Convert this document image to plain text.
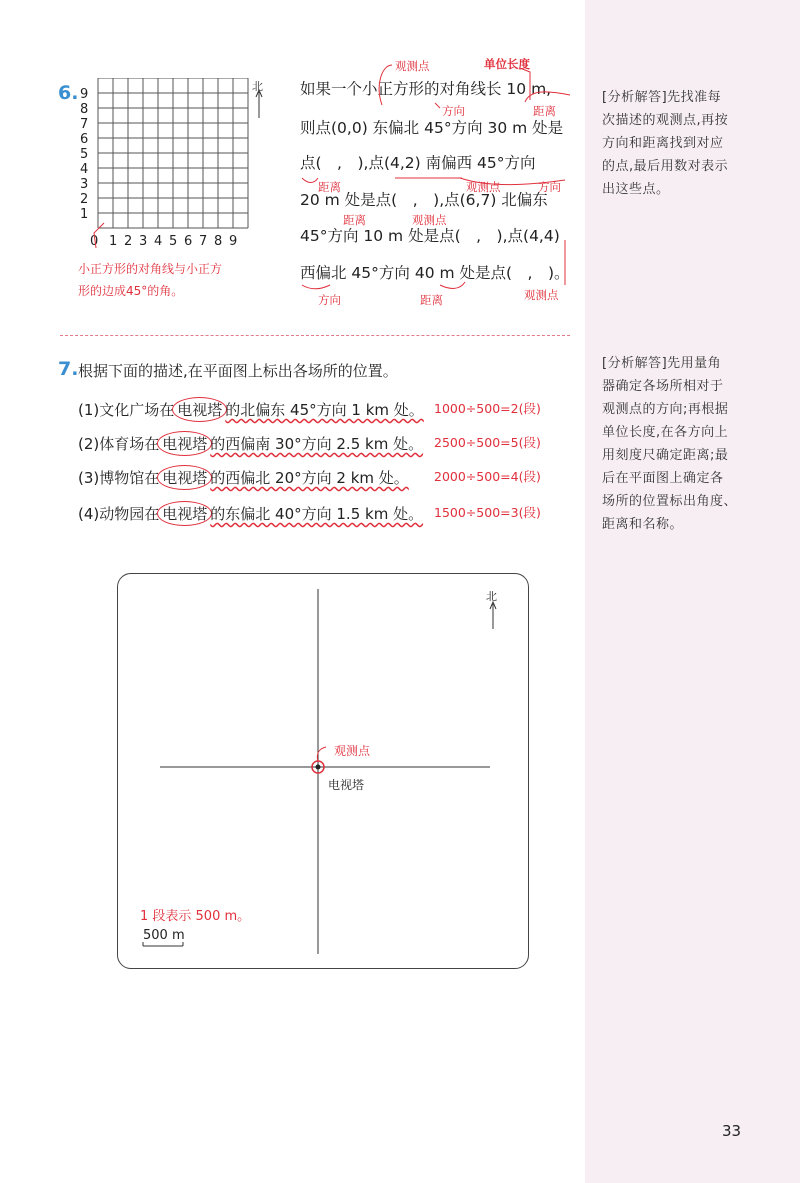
6.	北
9
8
7
6
5
4
3
2
1
0 1 2 3 4 5 6 7 8 9
小正方形的对角线与小正方
形的边成45°的角。
如果一个小正方形的对角线长 10 m,
则点(0,0) 东偏北 45°方向 30 m 处是
点(　,　),点(4,2) 南偏西 45°方向
20 m 处是点(　,　),点(6,7) 北偏东
45°方向 10 m 处是点(　,　),点(4,4)
西偏北 45°方向 40 m 处是点(　,　)。
观测点	单位长度
方向	距离
距离	观测点	方向
距离	观测点
方向	距离	观测点
[分析解答]先找准每
次描述的观测点,再按
方向和距离找到对应
的点,最后用数对表示
出这些点。
7. 根据下面的描述,在平面图上标出各场所的位置。
(1)文化广场在 电视塔 的北偏东 45°方向 1 km 处。 1000÷500=2(段)
(2)体育场在 电视塔 的西偏南 30°方向 2.5 km 处。 2500÷500=5(段)
(3)博物馆在 电视塔 的西偏北 20°方向 2 km 处。 2000÷500=4(段)
(4)动物园在 电视塔 的东偏北 40°方向 1.5 km 处。 1500÷500=3(段)
[分析解答]先用量角
器确定各场所相对于
观测点的方向;再根据
单位长度,在各方向上
用刻度尺确定距离;最
后在平面图上确定各
场所的位置标出角度、
距离和名称。
北
观测点
电视塔
1 段表示 500 m。
500 m
33
